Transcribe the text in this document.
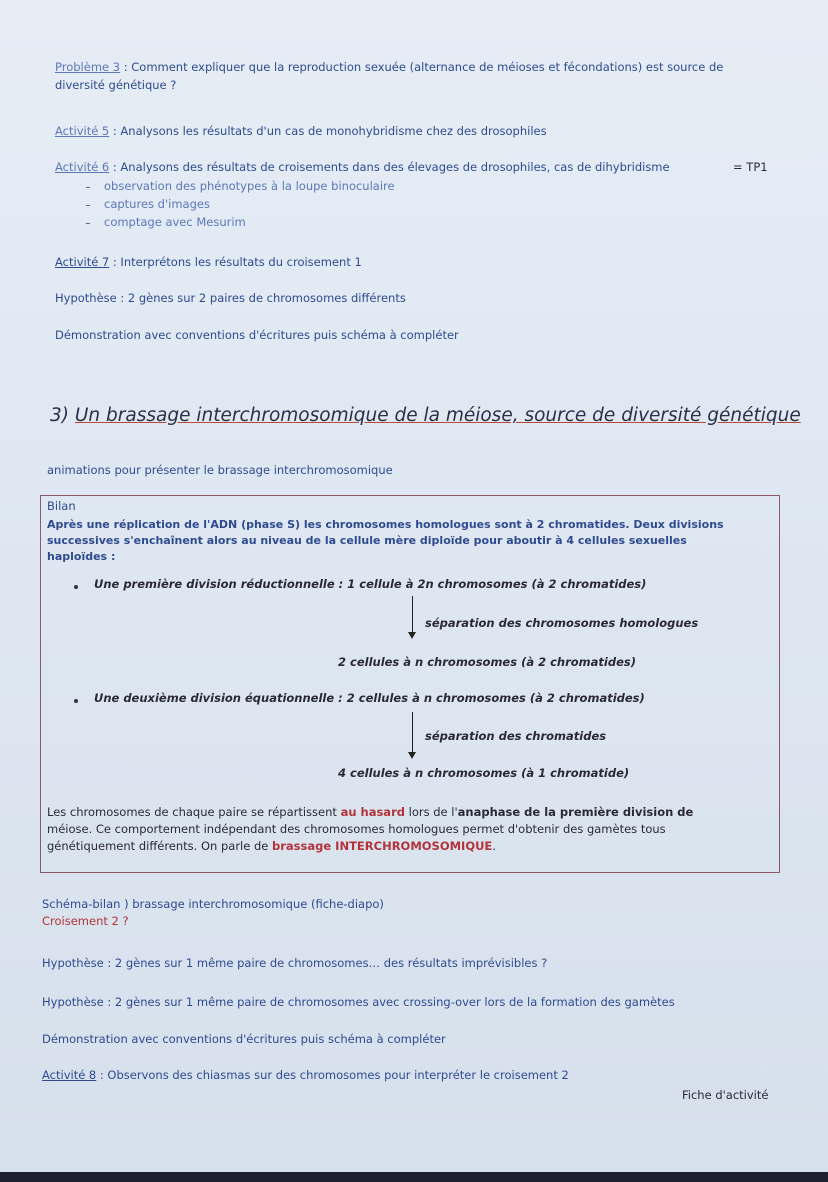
Problème 3 : Comment expliquer que la reproduction sexuée (alternance de méioses et fécondations) est source de
diversité génétique ?
Activité 5 : Analysons les résultats d'un cas de monohybridisme chez des drosophiles
Activité 6 : Analysons des résultats de croisements dans des élevages de drosophiles, cas de dihybridisme	= TP1
observation des phénotypes à la loupe binoculaire
captures d'images
comptage avec Mesurim
Activité 7 : Interprétons les résultats du croisement 1
Hypothèse : 2 gènes sur 2 paires de chromosomes différents
Démonstration avec conventions d'écritures puis schéma à compléter
3) Un brassage interchromosomique de la méiose, source de diversité génétique
animations pour présenter le brassage interchromosomique
Bilan
Après une réplication de l'ADN (phase S) les chromosomes homologues sont à 2 chromatides. Deux divisions
successives s'enchaînent alors au niveau de la cellule mère diploïde pour aboutir à 4 cellules sexuelles
haploïdes :
Une première division réductionnelle : 1 cellule à 2n chromosomes (à 2 chromatides)
séparation des chromosomes homologues
2 cellules à n chromosomes (à 2 chromatides)
Une deuxième division équationnelle : 2 cellules à n chromosomes (à 2 chromatides)
séparation des chromatides
4 cellules à n chromosomes (à 1 chromatide)
Les chromosomes de chaque paire se répartissent au hasard lors de l'anaphase de la première division de
méiose. Ce comportement indépendant des chromosomes homologues permet d'obtenir des gamètes tous
génétiquement différents. On parle de brassage INTERCHROMOSOMIQUE.
Schéma-bilan ) brassage interchromosomique (fiche-diapo)
Croisement 2 ?
Hypothèse : 2 gènes sur 1 même paire de chromosomes… des résultats imprévisibles ?
Hypothèse : 2 gènes sur 1 même paire de chromosomes avec crossing-over lors de la formation des gamètes
Démonstration avec conventions d'écritures puis schéma à compléter
Activité 8 : Observons des chiasmas sur des chromosomes pour interpréter le croisement 2
Fiche d'activité
